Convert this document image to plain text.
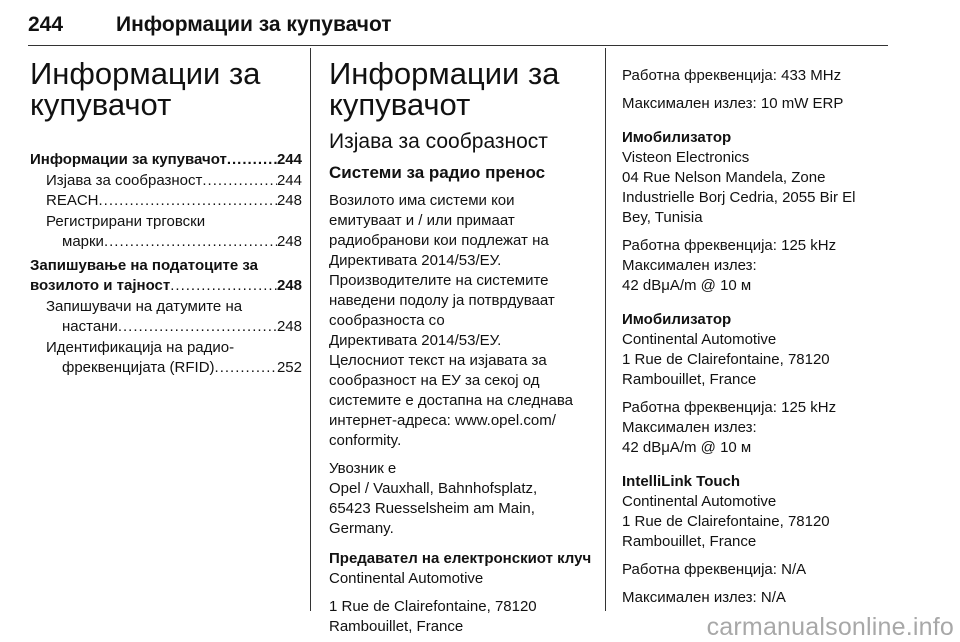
244	Информации за купувачот
Информации за купувачот
Информации за купувачот .....	244
Изјава за сообразност .....	244
REACH .....	248
Регистрирани трговски
марки .....	248
Запишување на податоците за
возилото и тајност .....	248
Запишувачи на датумите на
настани .....	248
Идентификација на радио-
фреквенцијата (RFID) .....	252
Информации за купувачот
Изјава за сообразност
Системи за радио пренос

Возилото има системи кои

емитуваат и / или примаат

радиобранови кои подлежат на

Директивата 2014/53/ЕУ.

Производителите на системите

наведени подолу ја потврдуваат

сообразноста со

Директивата 2014/53/ЕУ.

Целосниот текст на изјавата за

сообразност на ЕУ за секој од

системите е достапна на следнава

интернет-адреса: www.opel.com/

conformity.

Увозник е

Opel / Vauxhall, Bahnhofsplatz,

65423 Ruesselsheim am Main,

Germany.

Предавател на електронскиот клуч

Continental Automotive

1 Rue de Clairefontaine, 78120

Rambouillet, France

Работна фреквенција: 433 MHz

Максимален излез: 10 mW ERP

Имобилизатор

Visteon Electronics

04 Rue Nelson Mandela, Zone

Industrielle Borj Cedria, 2055 Bir El

Bey, Tunisia

Работна фреквенција: 125 kHz

Максимален излез:

42 dBμA/m @ 10 м

Имобилизатор

Continental Automotive

1 Rue de Clairefontaine, 78120

Rambouillet, France

Работна фреквенција: 125 kHz

Максимален излез:

42 dBμA/m @ 10 м

IntelliLink Touch

Continental Automotive

1 Rue de Clairefontaine, 78120

Rambouillet, France

Работна фреквенција: N/A

Максимален излез: N/A

carmanualsonline.info
